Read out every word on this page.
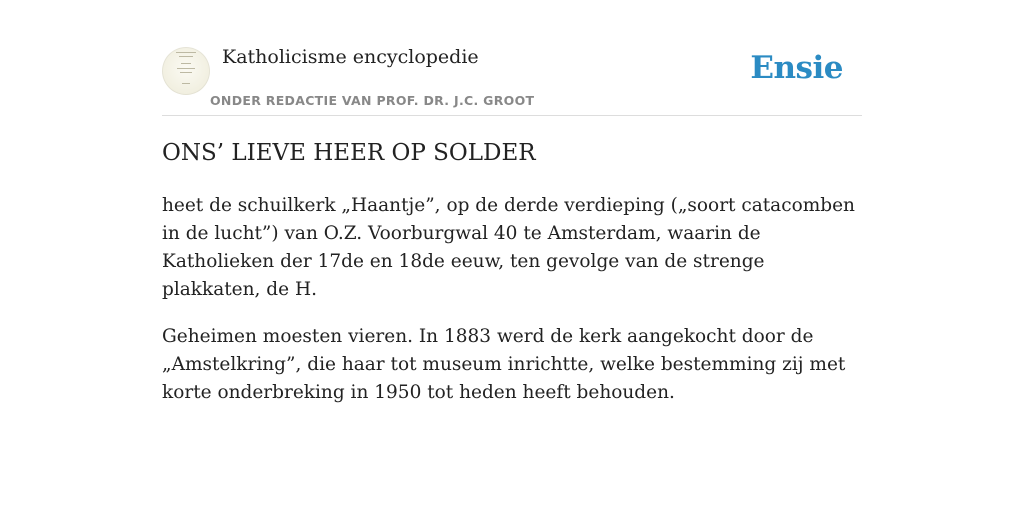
Katholicisme encyclopedie
ONDER REDACTIE VAN PROF. DR. J.C. GROOT
Ensie
ONS’ LIEVE HEER OP SOLDER

heet de schuilkerk „Haantje”, op de derde verdieping („soort catacomben in de lucht”) van O.Z. Voorburgwal 40 te Amsterdam, waarin de Katholieken der 17de en 18de eeuw, ten gevolge van de strenge plakkaten, de H.

Geheimen moesten vieren. In 1883 werd de kerk aangekocht door de „Amstelkring”, die haar tot museum inrichtte, welke bestemming zij met korte onderbreking in 1950 tot heden heeft behouden.
